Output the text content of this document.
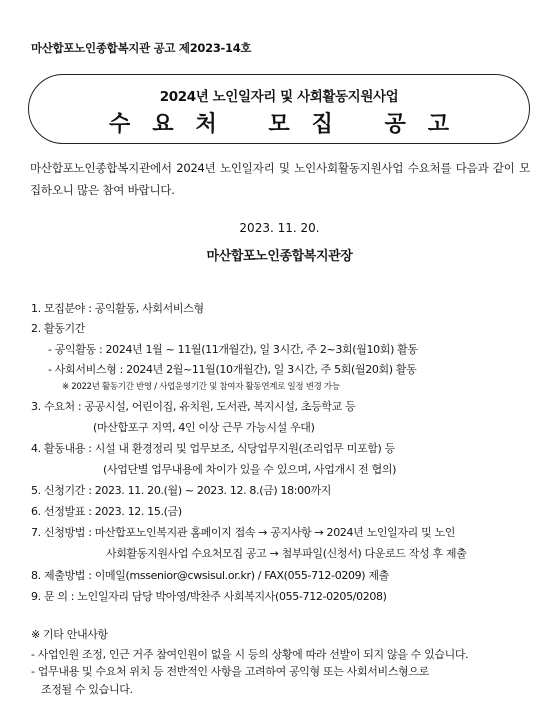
마산합포노인종합복지관 공고 제2023-14호
2024년 노인일자리 및 사회활동지원사업
수요처 모집 공고
마산합포노인종합복지관에서 2024년 노인일자리 및 노인사회활동지원사업 수요처를 다음과 같이 모집하오니 많은 참여 바랍니다.
2023. 11. 20.
마산합포노인종합복지관장
1. 모집분야 : 공익활동, 사회서비스형
2. 활동기간
- 공익활동 : 2024년 1월 ~ 11월(11개월간), 일 3시간, 주 2~3회(월10회) 활동
- 사회서비스형 : 2024년 2월~11월(10개월간), 일 3시간, 주 5회(월20회) 활동
※ 2022년 활동기간 반영 / 사업운영기간 및 참여자 활동연계로 일정 변경 가능
3. 수요처 : 공공시설, 어린이집, 유치원, 도서관, 복지시설, 초등학교 등
(마산합포구 지역, 4인 이상 근무 가능시설 우대)
4. 활동내용 : 시설 내 환경정리 및 업무보조, 식당업무지원(조리업무 미포함) 등
(사업단별 업무내용에 차이가 있을 수 있으며, 사업개시 전 협의)
5. 신청기간 : 2023. 11. 20.(월) ~ 2023. 12. 8.(금) 18:00까지
6. 선정발표 : 2023. 12. 15.(금)
7. 신청방법 : 마산합포노인복지관 홈페이지 접속 → 공지사항 → 2024년 노인일자리 및 노인
사회활동지원사업 수요처모집 공고 → 첨부파일(신청서) 다운로드 작성 후 제출
8. 제출방법 : 이메일(mssenior@cwsisul.or.kr) / FAX(055-712-0209) 제출
9. 문 의 : 노인일자리 담당 박아영/박찬주 사회복지사(055-712-0205/0208)
※ 기타 안내사항
- 사업인원 조정, 인근 거주 참여인원이 없을 시 등의 상황에 따라 선발이 되지 않을 수 있습니다.
- 업무내용 및 수요처 위치 등 전반적인 사항을 고려하여 공익형 또는 사회서비스형으로
조정될 수 있습니다.
